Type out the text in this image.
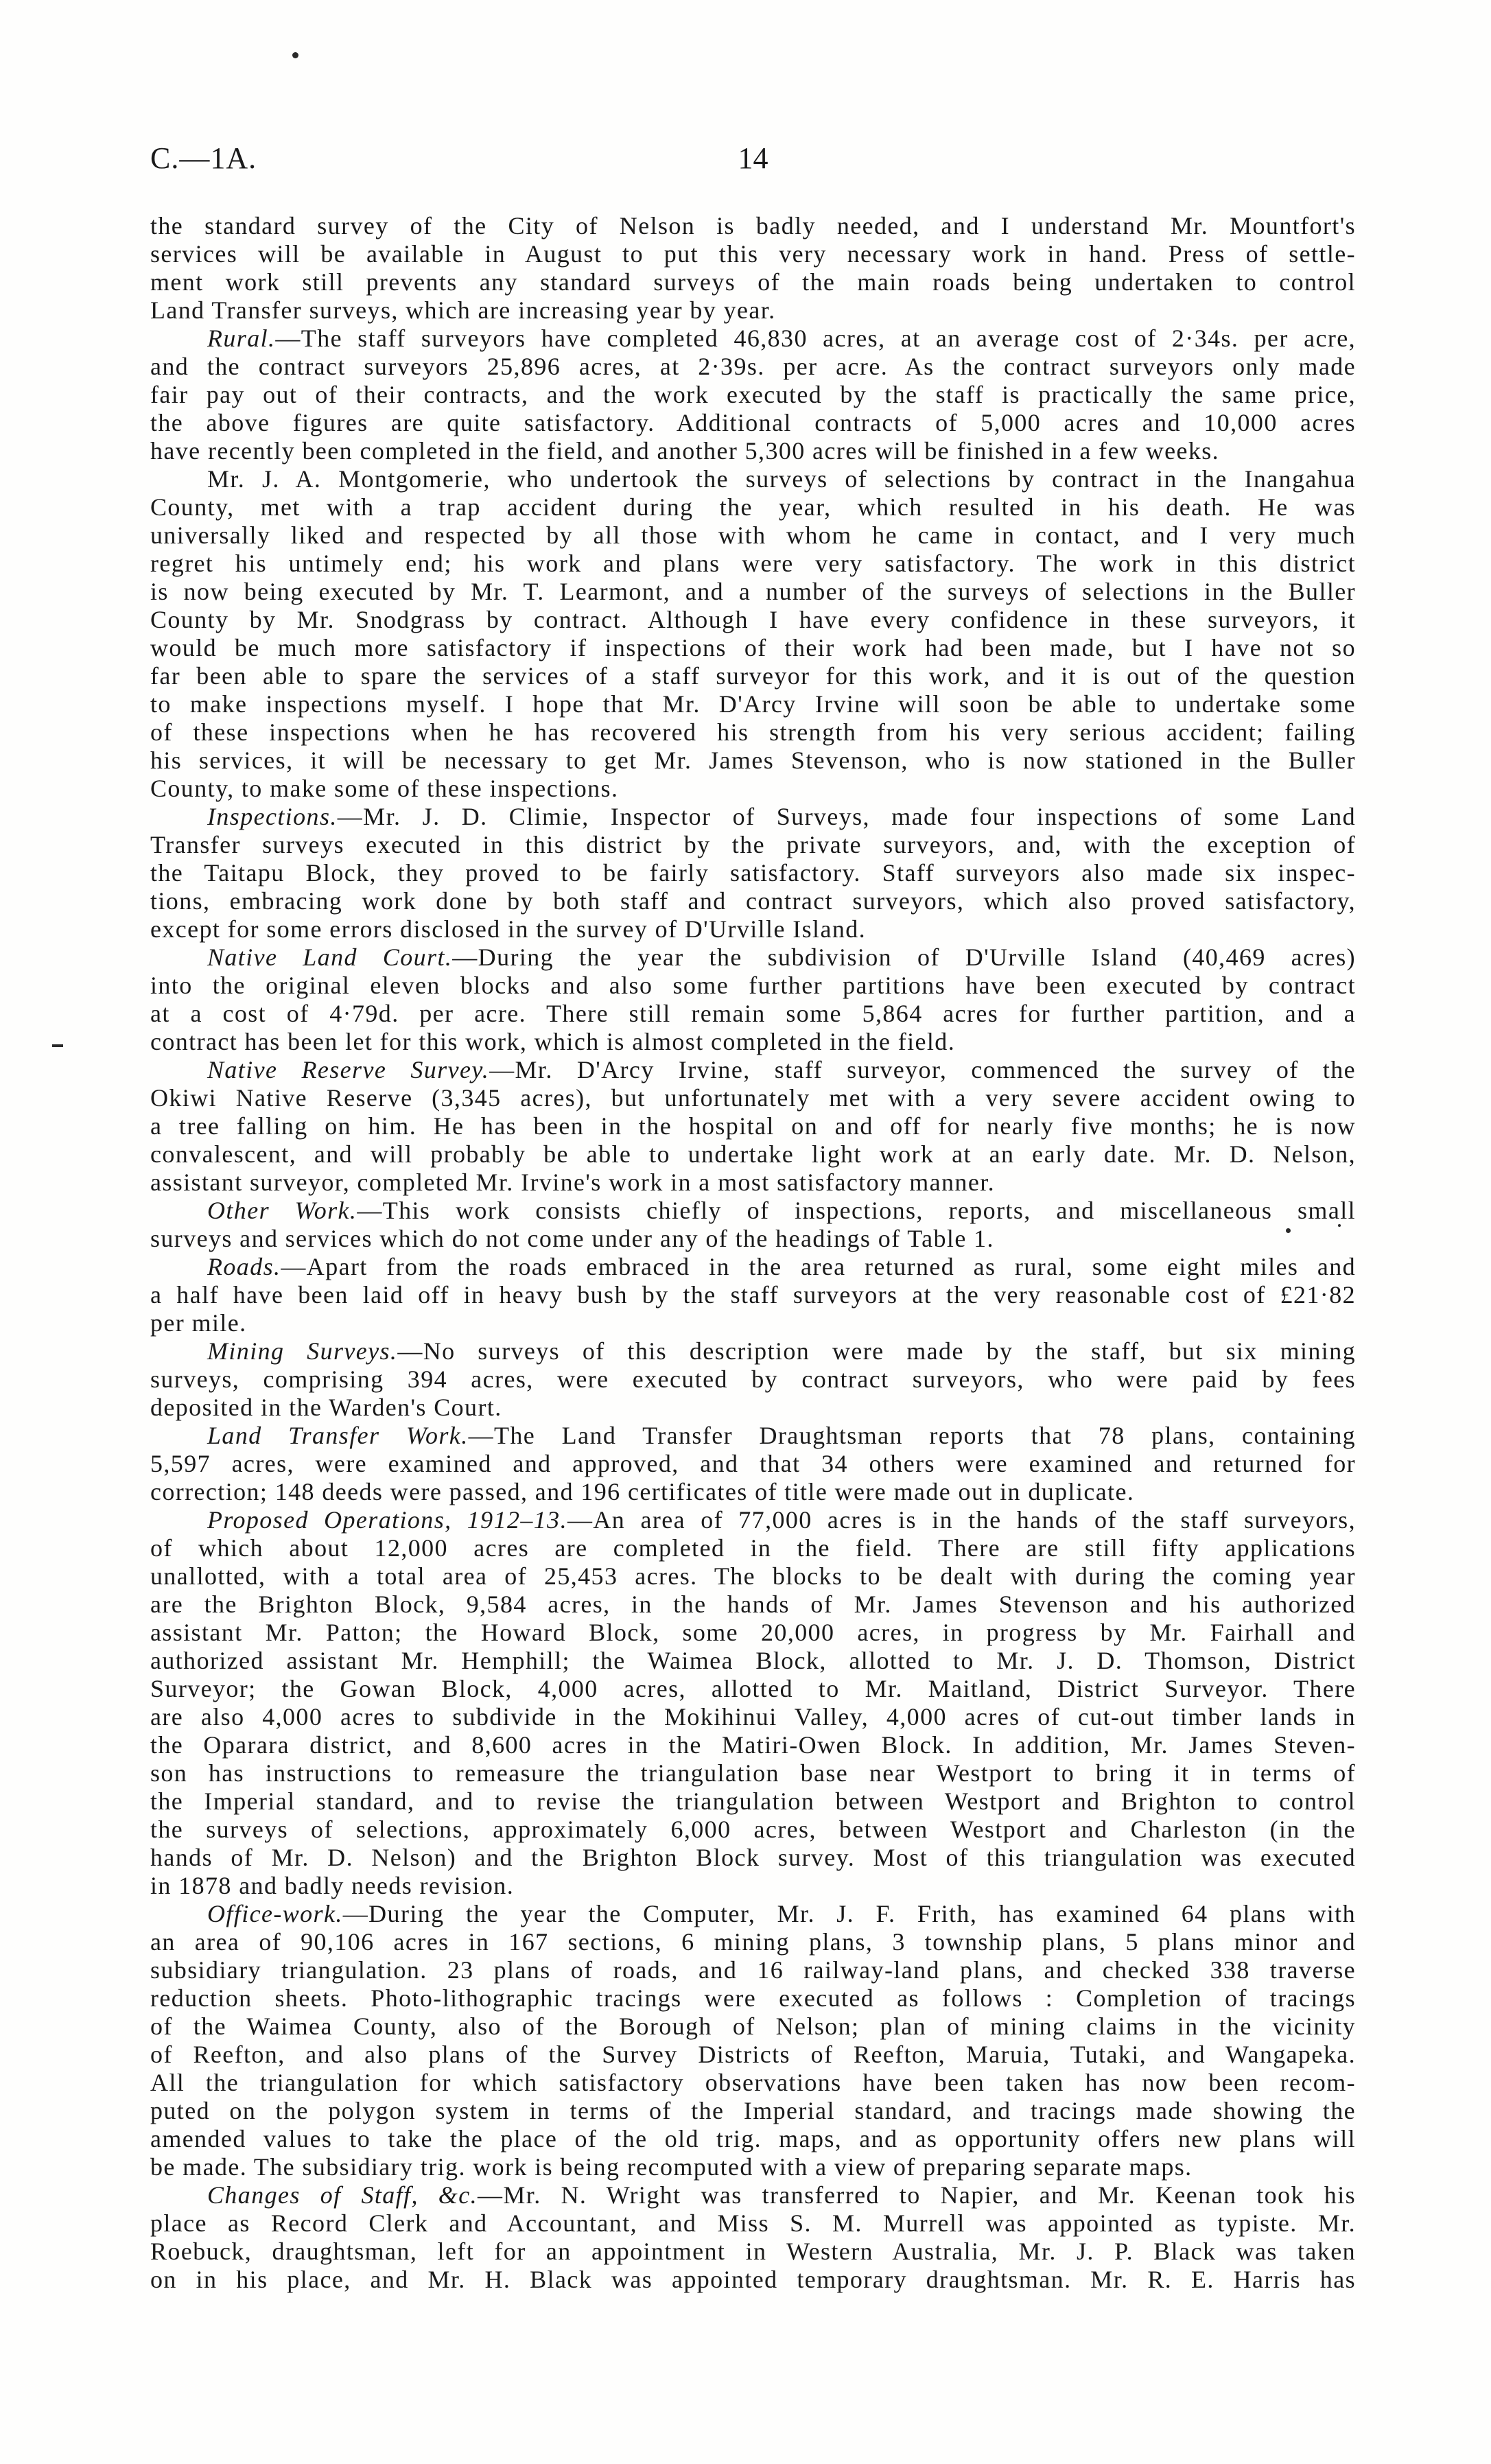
C.—1A.	14
the standard survey of the City of Nelson is badly needed, and I understand Mr. Mountfort's
services will be available in August to put this very necessary work in hand. Press of settle-
ment work still prevents any standard surveys of the main roads being undertaken to control
Land Transfer surveys, which are increasing year by year.
Rural.—The staff surveyors have completed 46,830 acres, at an average cost of 2·34s. per acre,
and the contract surveyors 25,896 acres, at 2·39s. per acre. As the contract surveyors only made
fair pay out of their contracts, and the work executed by the staff is practically the same price,
the above figures are quite satisfactory. Additional contracts of 5,000 acres and 10,000 acres
have recently been completed in the field, and another 5,300 acres will be finished in a few weeks.
Mr. J. A. Montgomerie, who undertook the surveys of selections by contract in the Inangahua
County, met with a trap accident during the year, which resulted in his death. He was
universally liked and respected by all those with whom he came in contact, and I very much
regret his untimely end; his work and plans were very satisfactory. The work in this district
is now being executed by Mr. T. Learmont, and a number of the surveys of selections in the Buller
County by Mr. Snodgrass by contract. Although I have every confidence in these surveyors, it
would be much more satisfactory if inspections of their work had been made, but I have not so
far been able to spare the services of a staff surveyor for this work, and it is out of the question
to make inspections myself. I hope that Mr. D'Arcy Irvine will soon be able to undertake some
of these inspections when he has recovered his strength from his very serious accident; failing
his services, it will be necessary to get Mr. James Stevenson, who is now stationed in the Buller
County, to make some of these inspections.
Inspections.—Mr. J. D. Climie, Inspector of Surveys, made four inspections of some Land
Transfer surveys executed in this district by the private surveyors, and, with the exception of
the Taitapu Block, they proved to be fairly satisfactory. Staff surveyors also made six inspec-
tions, embracing work done by both staff and contract surveyors, which also proved satisfactory,
except for some errors disclosed in the survey of D'Urville Island.
Native Land Court.—During the year the subdivision of D'Urville Island (40,469 acres)
into the original eleven blocks and also some further partitions have been executed by contract
at a cost of 4·79d. per acre. There still remain some 5,864 acres for further partition, and a
contract has been let for this work, which is almost completed in the field.
Native Reserve Survey.—Mr. D'Arcy Irvine, staff surveyor, commenced the survey of the
Okiwi Native Reserve (3,345 acres), but unfortunately met with a very severe accident owing to
a tree falling on him. He has been in the hospital on and off for nearly five months; he is now
convalescent, and will probably be able to undertake light work at an early date. Mr. D. Nelson,
assistant surveyor, completed Mr. Irvine's work in a most satisfactory manner.
Other Work.—This work consists chiefly of inspections, reports, and miscellaneous small
surveys and services which do not come under any of the headings of Table 1.
Roads.—Apart from the roads embraced in the area returned as rural, some eight miles and
a half have been laid off in heavy bush by the staff surveyors at the very reasonable cost of £21·82
per mile.
Mining Surveys.—No surveys of this description were made by the staff, but six mining
surveys, comprising 394 acres, were executed by contract surveyors, who were paid by fees
deposited in the Warden's Court.
Land Transfer Work.—The Land Transfer Draughtsman reports that 78 plans, containing
5,597 acres, were examined and approved, and that 34 others were examined and returned for
correction; 148 deeds were passed, and 196 certificates of title were made out in duplicate.
Proposed Operations, 1912–13.—An area of 77,000 acres is in the hands of the staff surveyors,
of which about 12,000 acres are completed in the field. There are still fifty applications
unallotted, with a total area of 25,453 acres. The blocks to be dealt with during the coming year
are the Brighton Block, 9,584 acres, in the hands of Mr. James Stevenson and his authorized
assistant Mr. Patton; the Howard Block, some 20,000 acres, in progress by Mr. Fairhall and
authorized assistant Mr. Hemphill; the Waimea Block, allotted to Mr. J. D. Thomson, District
Surveyor; the Gowan Block, 4,000 acres, allotted to Mr. Maitland, District Surveyor. There
are also 4,000 acres to subdivide in the Mokihinui Valley, 4,000 acres of cut-out timber lands in
the Oparara district, and 8,600 acres in the Matiri-Owen Block. In addition, Mr. James Steven-
son has instructions to remeasure the triangulation base near Westport to bring it in terms of
the Imperial standard, and to revise the triangulation between Westport and Brighton to control
the surveys of selections, approximately 6,000 acres, between Westport and Charleston (in the
hands of Mr. D. Nelson) and the Brighton Block survey. Most of this triangulation was executed
in 1878 and badly needs revision.
Office-work.—During the year the Computer, Mr. J. F. Frith, has examined 64 plans with
an area of 90,106 acres in 167 sections, 6 mining plans, 3 township plans, 5 plans minor and
subsidiary triangulation. 23 plans of roads, and 16 railway-land plans, and checked 338 traverse
reduction sheets. Photo-lithographic tracings were executed as follows : Completion of tracings
of the Waimea County, also of the Borough of Nelson; plan of mining claims in the vicinity
of Reefton, and also plans of the Survey Districts of Reefton, Maruia, Tutaki, and Wangapeka.
All the triangulation for which satisfactory observations have been taken has now been recom-
puted on the polygon system in terms of the Imperial standard, and tracings made showing the
amended values to take the place of the old trig. maps, and as opportunity offers new plans will
be made. The subsidiary trig. work is being recomputed with a view of preparing separate maps.
Changes of Staff, &c.—Mr. N. Wright was transferred to Napier, and Mr. Keenan took his
place as Record Clerk and Accountant, and Miss S. M. Murrell was appointed as typiste. Mr.
Roebuck, draughtsman, left for an appointment in Western Australia, Mr. J. P. Black was taken
on in his place, and Mr. H. Black was appointed temporary draughtsman. Mr. R. E. Harris has
